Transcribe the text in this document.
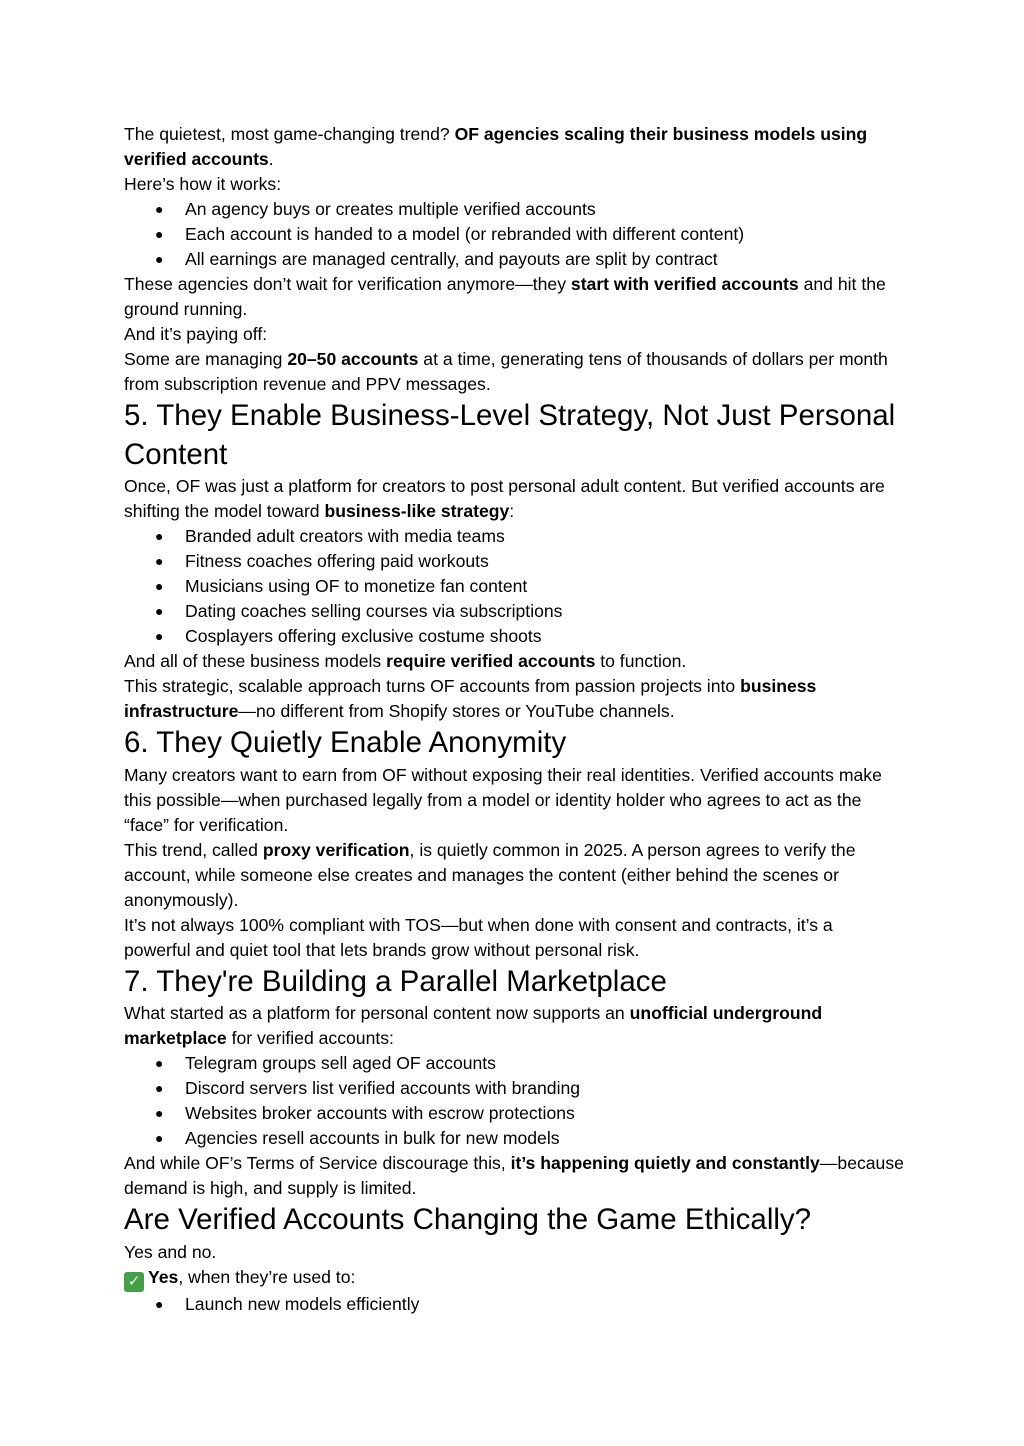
The quietest, most game-changing trend? OF agencies scaling their business models using verified accounts.

Here’s how it works:

● An agency buys or creates multiple verified accounts
● Each account is handed to a model (or rebranded with different content)
● All earnings are managed centrally, and payouts are split by contract

These agencies don’t wait for verification anymore—they start with verified accounts and hit the ground running.

And it’s paying off:

Some are managing 20–50 accounts at a time, generating tens of thousands of dollars per month from subscription revenue and PPV messages.

5. They Enable Business-Level Strategy, Not Just Personal Content

Once, OF was just a platform for creators to post personal adult content. But verified accounts are shifting the model toward business-like strategy:

● Branded adult creators with media teams
● Fitness coaches offering paid workouts
● Musicians using OF to monetize fan content
● Dating coaches selling courses via subscriptions
● Cosplayers offering exclusive costume shoots

And all of these business models require verified accounts to function.

This strategic, scalable approach turns OF accounts from passion projects into business infrastructure—no different from Shopify stores or YouTube channels.

6. They Quietly Enable Anonymity

Many creators want to earn from OF without exposing their real identities. Verified accounts make this possible—when purchased legally from a model or identity holder who agrees to act as the “face” for verification.

This trend, called proxy verification, is quietly common in 2025. A person agrees to verify the account, while someone else creates and manages the content (either behind the scenes or anonymously).

It’s not always 100% compliant with TOS—but when done with consent and contracts, it’s a powerful and quiet tool that lets brands grow without personal risk.

7. They're Building a Parallel Marketplace

What started as a platform for personal content now supports an unofficial underground marketplace for verified accounts:

● Telegram groups sell aged OF accounts
● Discord servers list verified accounts with branding
● Websites broker accounts with escrow protections
● Agencies resell accounts in bulk for new models

And while OF’s Terms of Service discourage this, it’s happening quietly and constantly—because demand is high, and supply is limited.

Are Verified Accounts Changing the Game Ethically?

Yes and no.

✓ Yes, when they’re used to:

● Launch new models efficiently
